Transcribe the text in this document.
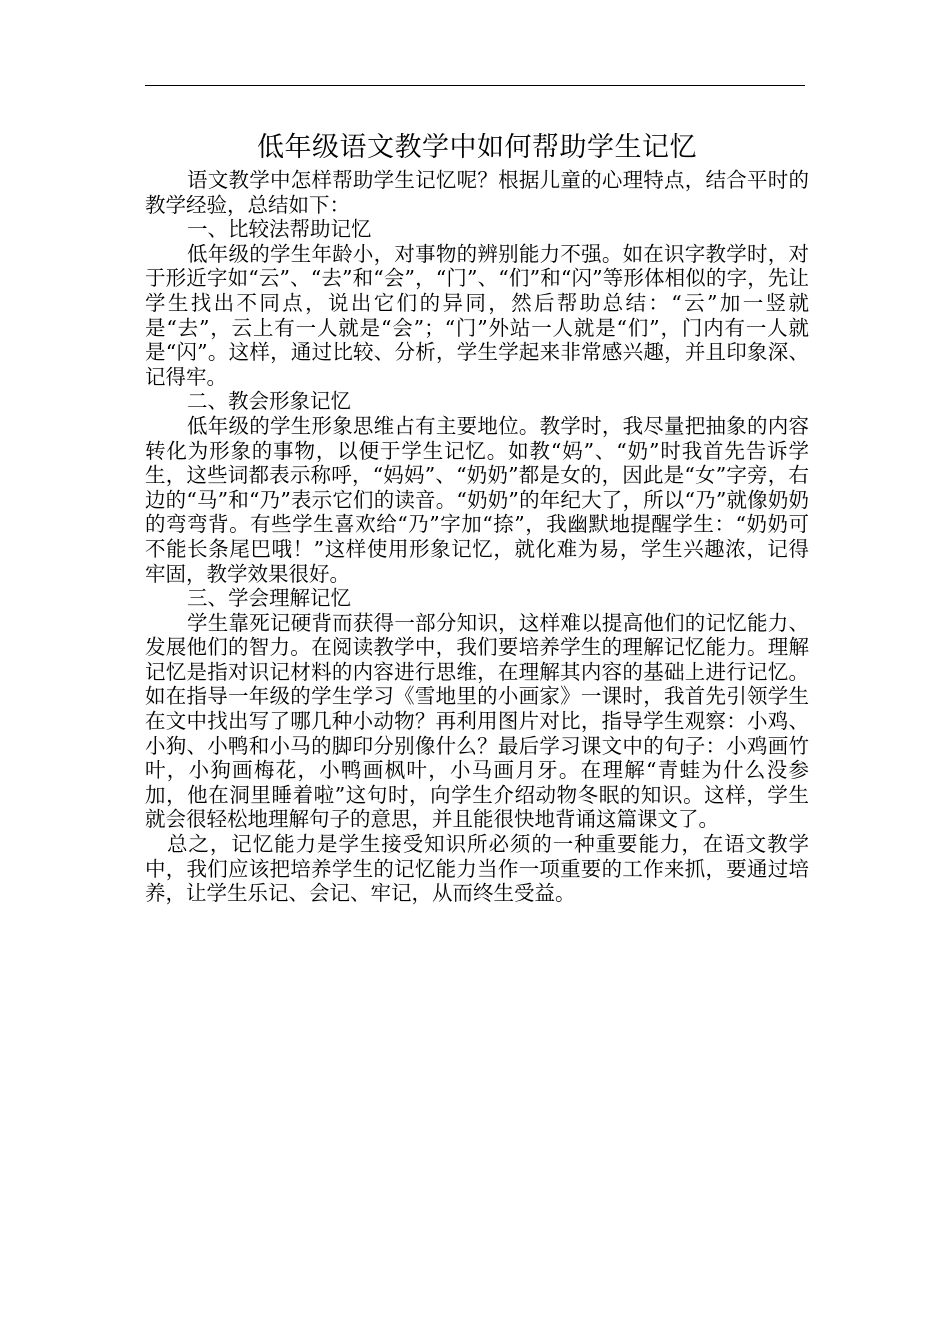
低年级语文教学中如何帮助学生记忆

语文教学中怎样帮助学生记忆呢？根据儿童的心理特点，结合平时的教学经验，总结如下：

一、比较法帮助记忆

低年级的学生年龄小，对事物的辨别能力不强。如在识字教学时，对于形近字如“云”、“去”和“会”，“门”、“们”和“闪”等形体相似的字，先让学生找出不同点，说出它们的异同，然后帮助总结：“云”加一竖就是“去”，云上有一人就是“会”；“门”外站一人就是“们”，门内有一人就是“闪”。这样，通过比较、分析，学生学起来非常感兴趣，并且印象深、记得牢。

二、教会形象记忆

低年级的学生形象思维占有主要地位。教学时，我尽量把抽象的内容转化为形象的事物，以便于学生记忆。如教“妈”、“奶”时我首先告诉学生，这些词都表示称呼，“妈妈”、“奶奶”都是女的，因此是“女”字旁，右边的“马”和“乃”表示它们的读音。“奶奶”的年纪大了，所以“乃”就像奶奶的弯弯背。有些学生喜欢给“乃”字加“捺”，我幽默地提醒学生：“奶奶可不能长条尾巴哦！”这样使用形象记忆，就化难为易，学生兴趣浓，记得牢固，教学效果很好。

三、学会理解记忆

学生靠死记硬背而获得一部分知识，这样难以提高他们的记忆能力、发展他们的智力。在阅读教学中，我们要培养学生的理解记忆能力。理解记忆是指对识记材料的内容进行思维，在理解其内容的基础上进行记忆。如在指导一年级的学生学习《雪地里的小画家》一课时，我首先引领学生在文中找出写了哪几种小动物？再利用图片对比，指导学生观察：小鸡、小狗、小鸭和小马的脚印分别像什么？最后学习课文中的句子：小鸡画竹叶，小狗画梅花，小鸭画枫叶，小马画月牙。在理解“青蛙为什么没参加，他在洞里睡着啦”这句时，向学生介绍动物冬眠的知识。这样，学生就会很轻松地理解句子的意思，并且能很快地背诵这篇课文了。

总之，记忆能力是学生接受知识所必须的一种重要能力，在语文教学中，我们应该把培养学生的记忆能力当作一项重要的工作来抓，要通过培养，让学生乐记、会记、牢记，从而终生受益。
